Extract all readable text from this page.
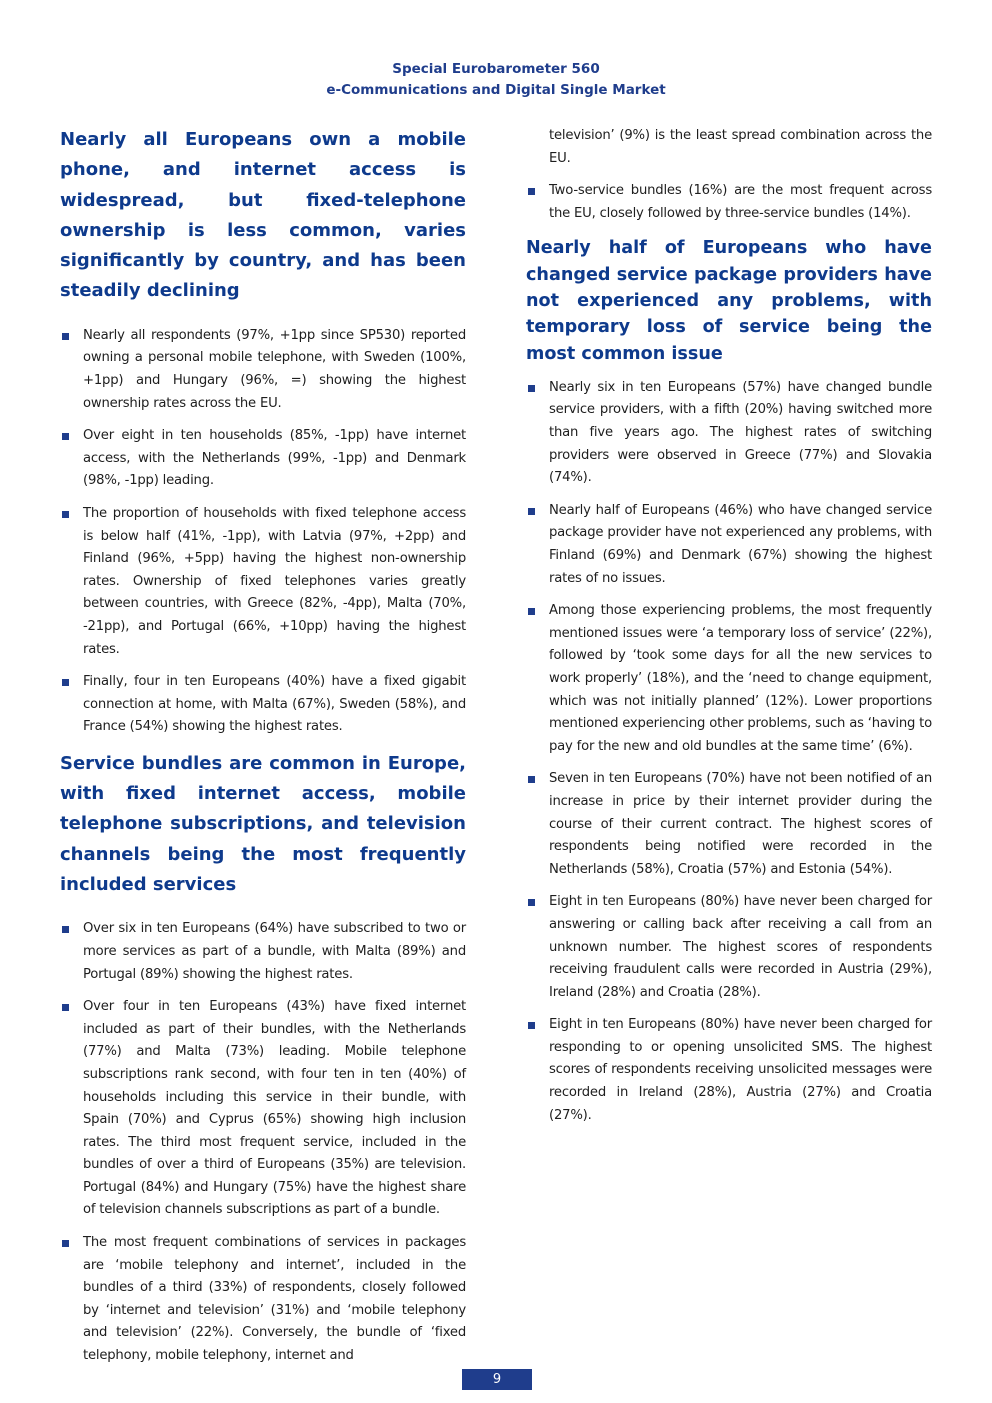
Special Eurobarometer 560
e-Communications and Digital Single Market
Nearly all Europeans own a mobile phone, and internet access is widespread, but fixed-telephone ownership is less common, varies significantly by country, and has been steadily declining
Nearly all respondents (97%, +1pp since SP530) reported owning a personal mobile telephone, with Sweden (100%, +1pp) and Hungary (96%, =) showing the highest ownership rates across the EU.
Over eight in ten households (85%, -1pp) have internet access, with the Netherlands (99%, -1pp) and Denmark (98%, -1pp) leading.
The proportion of households with fixed telephone access is below half (41%, -1pp), with Latvia (97%, +2pp) and Finland (96%, +5pp) having the highest non-ownership rates. Ownership of fixed telephones varies greatly between countries, with Greece (82%, -4pp), Malta (70%, -21pp), and Portugal (66%, +10pp) having the highest rates.
Finally, four in ten Europeans (40%) have a fixed gigabit connection at home, with Malta (67%), Sweden (58%), and France (54%) showing the highest rates.
Service bundles are common in Europe, with fixed internet access, mobile telephone subscriptions, and television channels being the most frequently included services
Over six in ten Europeans (64%) have subscribed to two or more services as part of a bundle, with Malta (89%) and Portugal (89%) showing the highest rates.
Over four in ten Europeans (43%) have fixed internet included as part of their bundles, with the Netherlands (77%) and Malta (73%) leading. Mobile telephone subscriptions rank second, with four ten in ten (40%) of households including this service in their bundle, with Spain (70%) and Cyprus (65%) showing high inclusion rates. The third most frequent service, included in the bundles of over a third of Europeans (35%) are television. Portugal (84%) and Hungary (75%) have the highest share of television channels subscriptions as part of a bundle.
The most frequent combinations of services in packages are ‘mobile telephony and internet’, included in the bundles of a third (33%) of respondents, closely followed by ‘internet and television’ (31%) and ‘mobile telephony and television’ (22%). Conversely, the bundle of ‘fixed telephony, mobile telephony, internet and
television’ (9%) is the least spread combination across the EU.
Two-service bundles (16%) are the most frequent across the EU, closely followed by three-service bundles (14%).
Nearly half of Europeans who have changed service package providers have not experienced any problems, with temporary loss of service being the most common issue
Nearly six in ten Europeans (57%) have changed bundle service providers, with a fifth (20%) having switched more than five years ago. The highest rates of switching providers were observed in Greece (77%) and Slovakia (74%).
Nearly half of Europeans (46%) who have changed service package provider have not experienced any problems, with Finland (69%) and Denmark (67%) showing the highest rates of no issues.
Among those experiencing problems, the most frequently mentioned issues were ‘a temporary loss of service’ (22%), followed by ‘took some days for all the new services to work properly’ (18%), and the ‘need to change equipment, which was not initially planned’ (12%). Lower proportions mentioned experiencing other problems, such as ‘having to pay for the new and old bundles at the same time’ (6%).
Seven in ten Europeans (70%) have not been notified of an increase in price by their internet provider during the course of their current contract. The highest scores of respondents being notified were recorded in the Netherlands (58%), Croatia (57%) and Estonia (54%).
Eight in ten Europeans (80%) have never been charged for answering or calling back after receiving a call from an unknown number. The highest scores of respondents receiving fraudulent calls were recorded in Austria (29%), Ireland (28%) and Croatia (28%).
Eight in ten Europeans (80%) have never been charged for responding to or opening unsolicited SMS. The highest scores of respondents receiving unsolicited messages were recorded in Ireland (28%), Austria (27%) and Croatia (27%).
9
